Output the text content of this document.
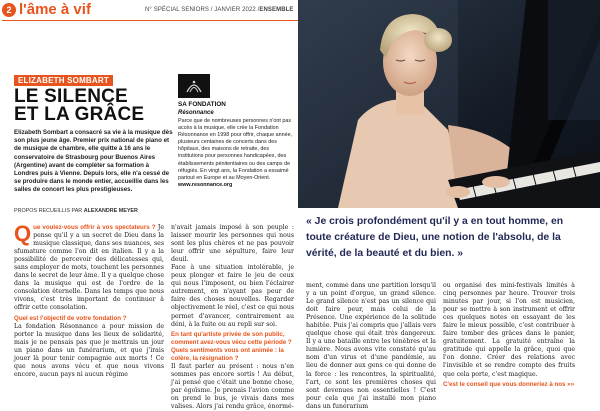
2 l'âme à vif	N° SPÉCIAL SENIORS / JANVIER 2022 /ENSEMBLE
ELIZABETH SOMBART
LE SILENCE
ET LA GRÂCE
Elizabeth Sombart a consacré sa vie à la musique dès son plus jeune âge. Premier prix national de piano et de musique de chambre, elle quitte à 16 ans le conservatoire de Strasbourg pour Buenos Aires (Argentine) avant de compléter sa formation à Londres puis à Vienne. Depuis lors, elle n'a cessé de se produire dans le monde entier, accueillie dans les salles de concert les plus prestigieuses.
PROPOS RECUEILLIS PAR ALEXANDRE MEYER
SA FONDATION
Résonnance
Parce que de nombreuses personnes n'ont pas accès à la musique, elle crée la Fondation Résonnance en 1998 pour offrir, chaque année, plusieurs centaines de concerts dans des hôpitaux, des maisons de retraite, des institutions pour personnes handicapées, des établissements pénitentiaires ou des camps de réfugiés. En vingt ans, la Fondation a essaimé partout en Europe et au Moyen-Orient. www.resonnance.org
« Je crois profondément qu'il y a en tout homme, en toute créature de Dieu, une notion de l'absolu, de la vérité, de la beauté et du bien. »

Que voulez-vous offrir à vos spectateurs ? Je pense qu'il y a un secret de Dieu dans la musique classique, dans ses nuances, ses sfumature comme l'on dit en italien. Il y a la possibilité de percevoir des délicatesses qui, sans employer de mots, touchent les personnes dans le secret de leur âme. Il y a quelque chose dans la musique qui est de l'ordre de la consolation éternelle. Dans les temps que nous vivons, c'est très important de continuer à offrir cette consolation.

Quel est l'objectif de votre fondation ?

La fondation Résonnance a pour mission de porter la musique dans les lieux de solidarité, mais je ne pensais pas que je mettrais un jour un piano dans un funérarium, et que j'irais jouer là pour tenir compagnie aux morts ! Ce que nous avons vécu et que nous vivons encore, aucun pays ni aucun régime

n'avait jamais imposé à son peuple : laisser mourir les personnes qui nous sont les plus chères et ne pas pouvoir leur offrir une sépulture, faire leur deuil.

Face à une situation intolérable, je peux plonger et faire le jeu de ceux qui nous l'imposent, ou bien l'éclairer autrement, en n'ayant pas peur de faire des choses nouvelles. Regarder objectivement le réel, c'est ce qui nous permet d'avancer, contrairement au déni, à la fuite ou au repli sur soi.

En tant qu'artiste privée de son public, comment avez-vous vécu cette période ? Quels sentiments vous ont animée : la colère, la résignation ?

Il faut parler au présent : nous n'en sommes pas encore sortis ! Au début, j'ai pensé que c'était une bonne chose, par égoïsme. Je prenais l'avion comme on prend le bus, je vivais dans mes valises. Alors j'ai rendu grâce, énormé-

ment, comme dans une partition lorsqu'il y a un point d'orgue, un grand silence. Le grand silence n'est pas un silence qui doit faire peur, mais celui de la Présence. Une expérience de la solitude habitée. Puis j'ai compris que j'allais vers quelque chose qui était très dangereux. Il y a une bataille entre les ténèbres et la lumière. Nous avons vite constaté qu'au nom d'un virus et d'une pandémie, au lieu de donner aux gens ce qui donne de la force : les rencontres, la spiritualité, l'art, ce sont les premières choses qui sont devenues non essentielles ! C'est pour cela que j'ai installé mon piano dans un funérarium

ou organisé des mini-festivals limités à cinq personnes par heure. Trouver trois minutes par jour, si l'on est musicien, pour se mettre à son instrument et offrir ces quelques notes en essayant de les faire le mieux possible, c'est contribuer à faire tomber des grâces dans le panier, gratuitement. La gratuité entraîne la gratitude qui appelle la grâce, quoi que l'on donne. Créer des relations avec l'invisible et se rendre compte des fruits que cela porte, c'est magique.

C'est le conseil que vous donneriez à nos »»
